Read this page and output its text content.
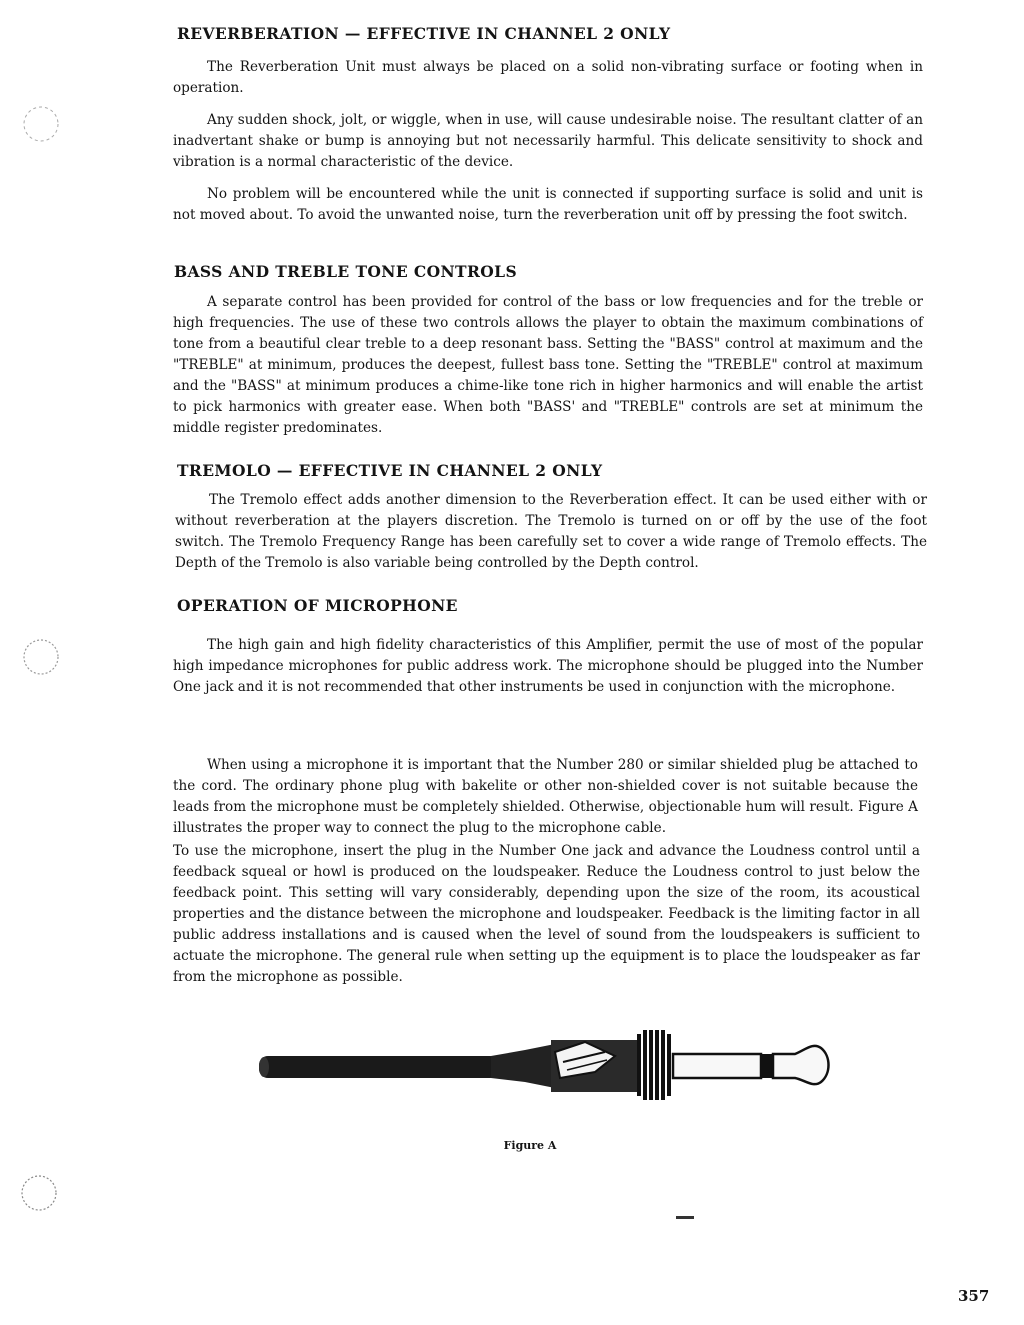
REVERBERATION — EFFECTIVE IN CHANNEL 2 ONLY

The Reverberation Unit must always be placed on a solid non-vibrating surface or footing when in operation.

Any sudden shock, jolt, or wiggle, when in use, will cause undesirable noise. The resultant clatter of an inadvertant shake or bump is annoying but not necessarily harmful. This delicate sensitivity to shock and vibration is a normal characteristic of the device.

No problem will be encountered while the unit is connected if supporting surface is solid and unit is not moved about. To avoid the unwanted noise, turn the reverberation unit off by pressing the foot switch.

BASS AND TREBLE TONE CONTROLS

A separate control has been provided for control of the bass or low frequencies and for the treble or high frequencies. The use of these two controls allows the player to obtain the maximum combinations of tone from a beautiful clear treble to a deep resonant bass. Setting the "BASS" control at maximum and the "TREBLE" at minimum, produces the deepest, fullest bass tone. Setting the "TREBLE" control at maximum and the "BASS" at minimum produces a chime-like tone rich in higher harmonics and will enable the artist to pick harmonics with greater ease. When both "BASS' and "TREBLE" controls are set at minimum the middle register predominates.

TREMOLO — EFFECTIVE IN CHANNEL 2 ONLY

The Tremolo effect adds another dimension to the Reverberation effect. It can be used either with or without reverberation at the players discretion. The Tremolo is turned on or off by the use of the foot switch. The Tremolo Frequency Range has been carefully set to cover a wide range of Tremolo effects. The Depth of the Tremolo is also variable being controlled by the Depth control.

OPERATION OF MICROPHONE

The high gain and high fidelity characteristics of this Amplifier, permit the use of most of the popular high impedance microphones for public address work. The microphone should be plugged into the Number One jack and it is not recommended that other instruments be used in conjunction with the microphone.

When using a microphone it is important that the Number 280 or similar shielded plug be attached to the cord. The ordinary phone plug with bakelite or other non-shielded cover is not suitable because the leads from the microphone must be completely shielded. Otherwise, objectionable hum will result. Figure A illustrates the proper way to connect the plug to the microphone cable.

To use the microphone, insert the plug in the Number One jack and advance the Loudness control until a feedback squeal or howl is produced on the loudspeaker. Reduce the Loudness control to just below the feedback point. This setting will vary considerably, depending upon the size of the room, its acoustical properties and the distance between the microphone and loudspeaker. Feedback is the limiting factor in all public address installations and is caused when the level of sound from the loudspeakers is sufficient to actuate the microphone. The general rule when setting up the equipment is to place the loudspeaker as far from the microphone as possible.

Figure A
357
